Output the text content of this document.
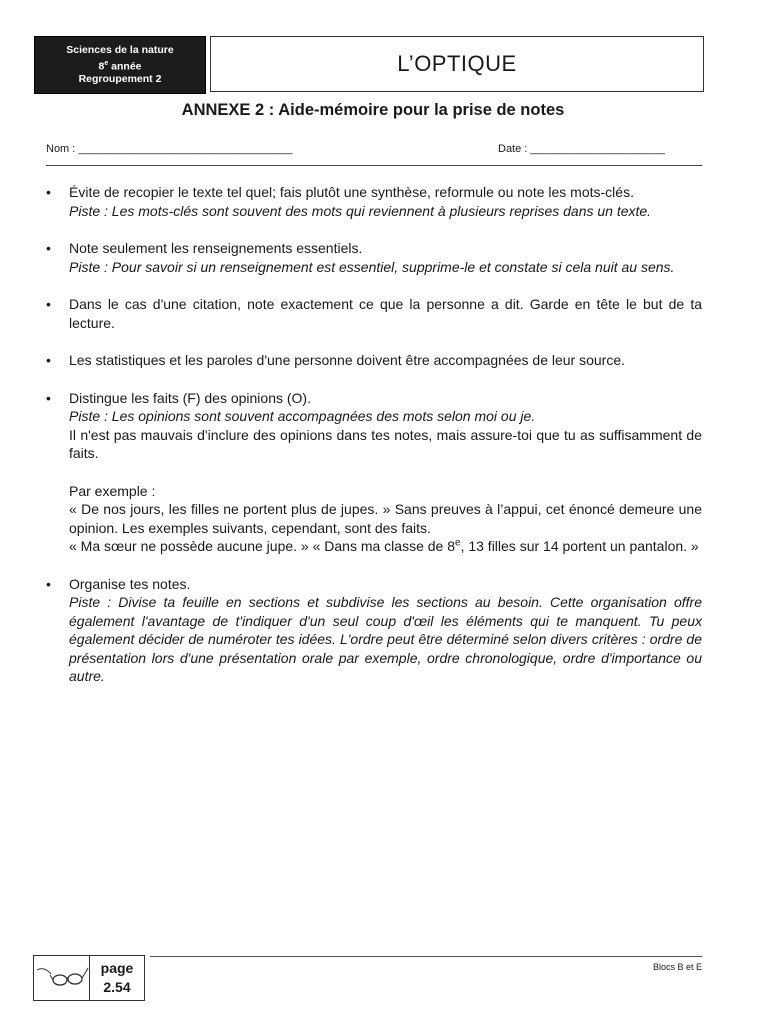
Sciences de la nature
8e année
Regroupement 2
L’OPTIQUE
ANNEXE 2 : Aide-mémoire pour la prise de notes
Nom : ___________________________________	Date : ______________________
• Évite de recopier le texte tel quel; fais plutôt une synthèse, reformule ou note les mots-clés.
Piste : Les mots-clés sont souvent des mots qui reviennent à plusieurs reprises dans un texte.
• Note seulement les renseignements essentiels.
Piste : Pour savoir si un renseignement est essentiel, supprime-le et constate si cela nuit au sens.
• Dans le cas d'une citation, note exactement ce que la personne a dit. Garde en tête le but de ta lecture.
• Les statistiques et les paroles d'une personne doivent être accompagnées de leur source.
• Distingue les faits (F) des opinions (O).
Piste : Les opinions sont souvent accompagnées des mots selon moi ou je.
Il n'est pas mauvais d'inclure des opinions dans tes notes, mais assure-toi que tu as suffisamment de faits.
Par exemple :
« De nos jours, les filles ne portent plus de jupes. » Sans preuves à l’appui, cet énoncé demeure une opinion. Les exemples suivants, cependant, sont des faits.
« Ma sœur ne possède aucune jupe. » « Dans ma classe de 8e, 13 filles sur 14 portent un pantalon. »
• Organise tes notes.
Piste : Divise ta feuille en sections et subdivise les sections au besoin. Cette organisation offre également l'avantage de t'indiquer d'un seul coup d'œil les éléments qui te manquent. Tu peux également décider de numéroter tes idées. L'ordre peut être déterminé selon divers critères : ordre de présentation lors d'une présentation orale par exemple, ordre chronologique, ordre d'importance ou autre.
Blocs B et E
page
2.54
